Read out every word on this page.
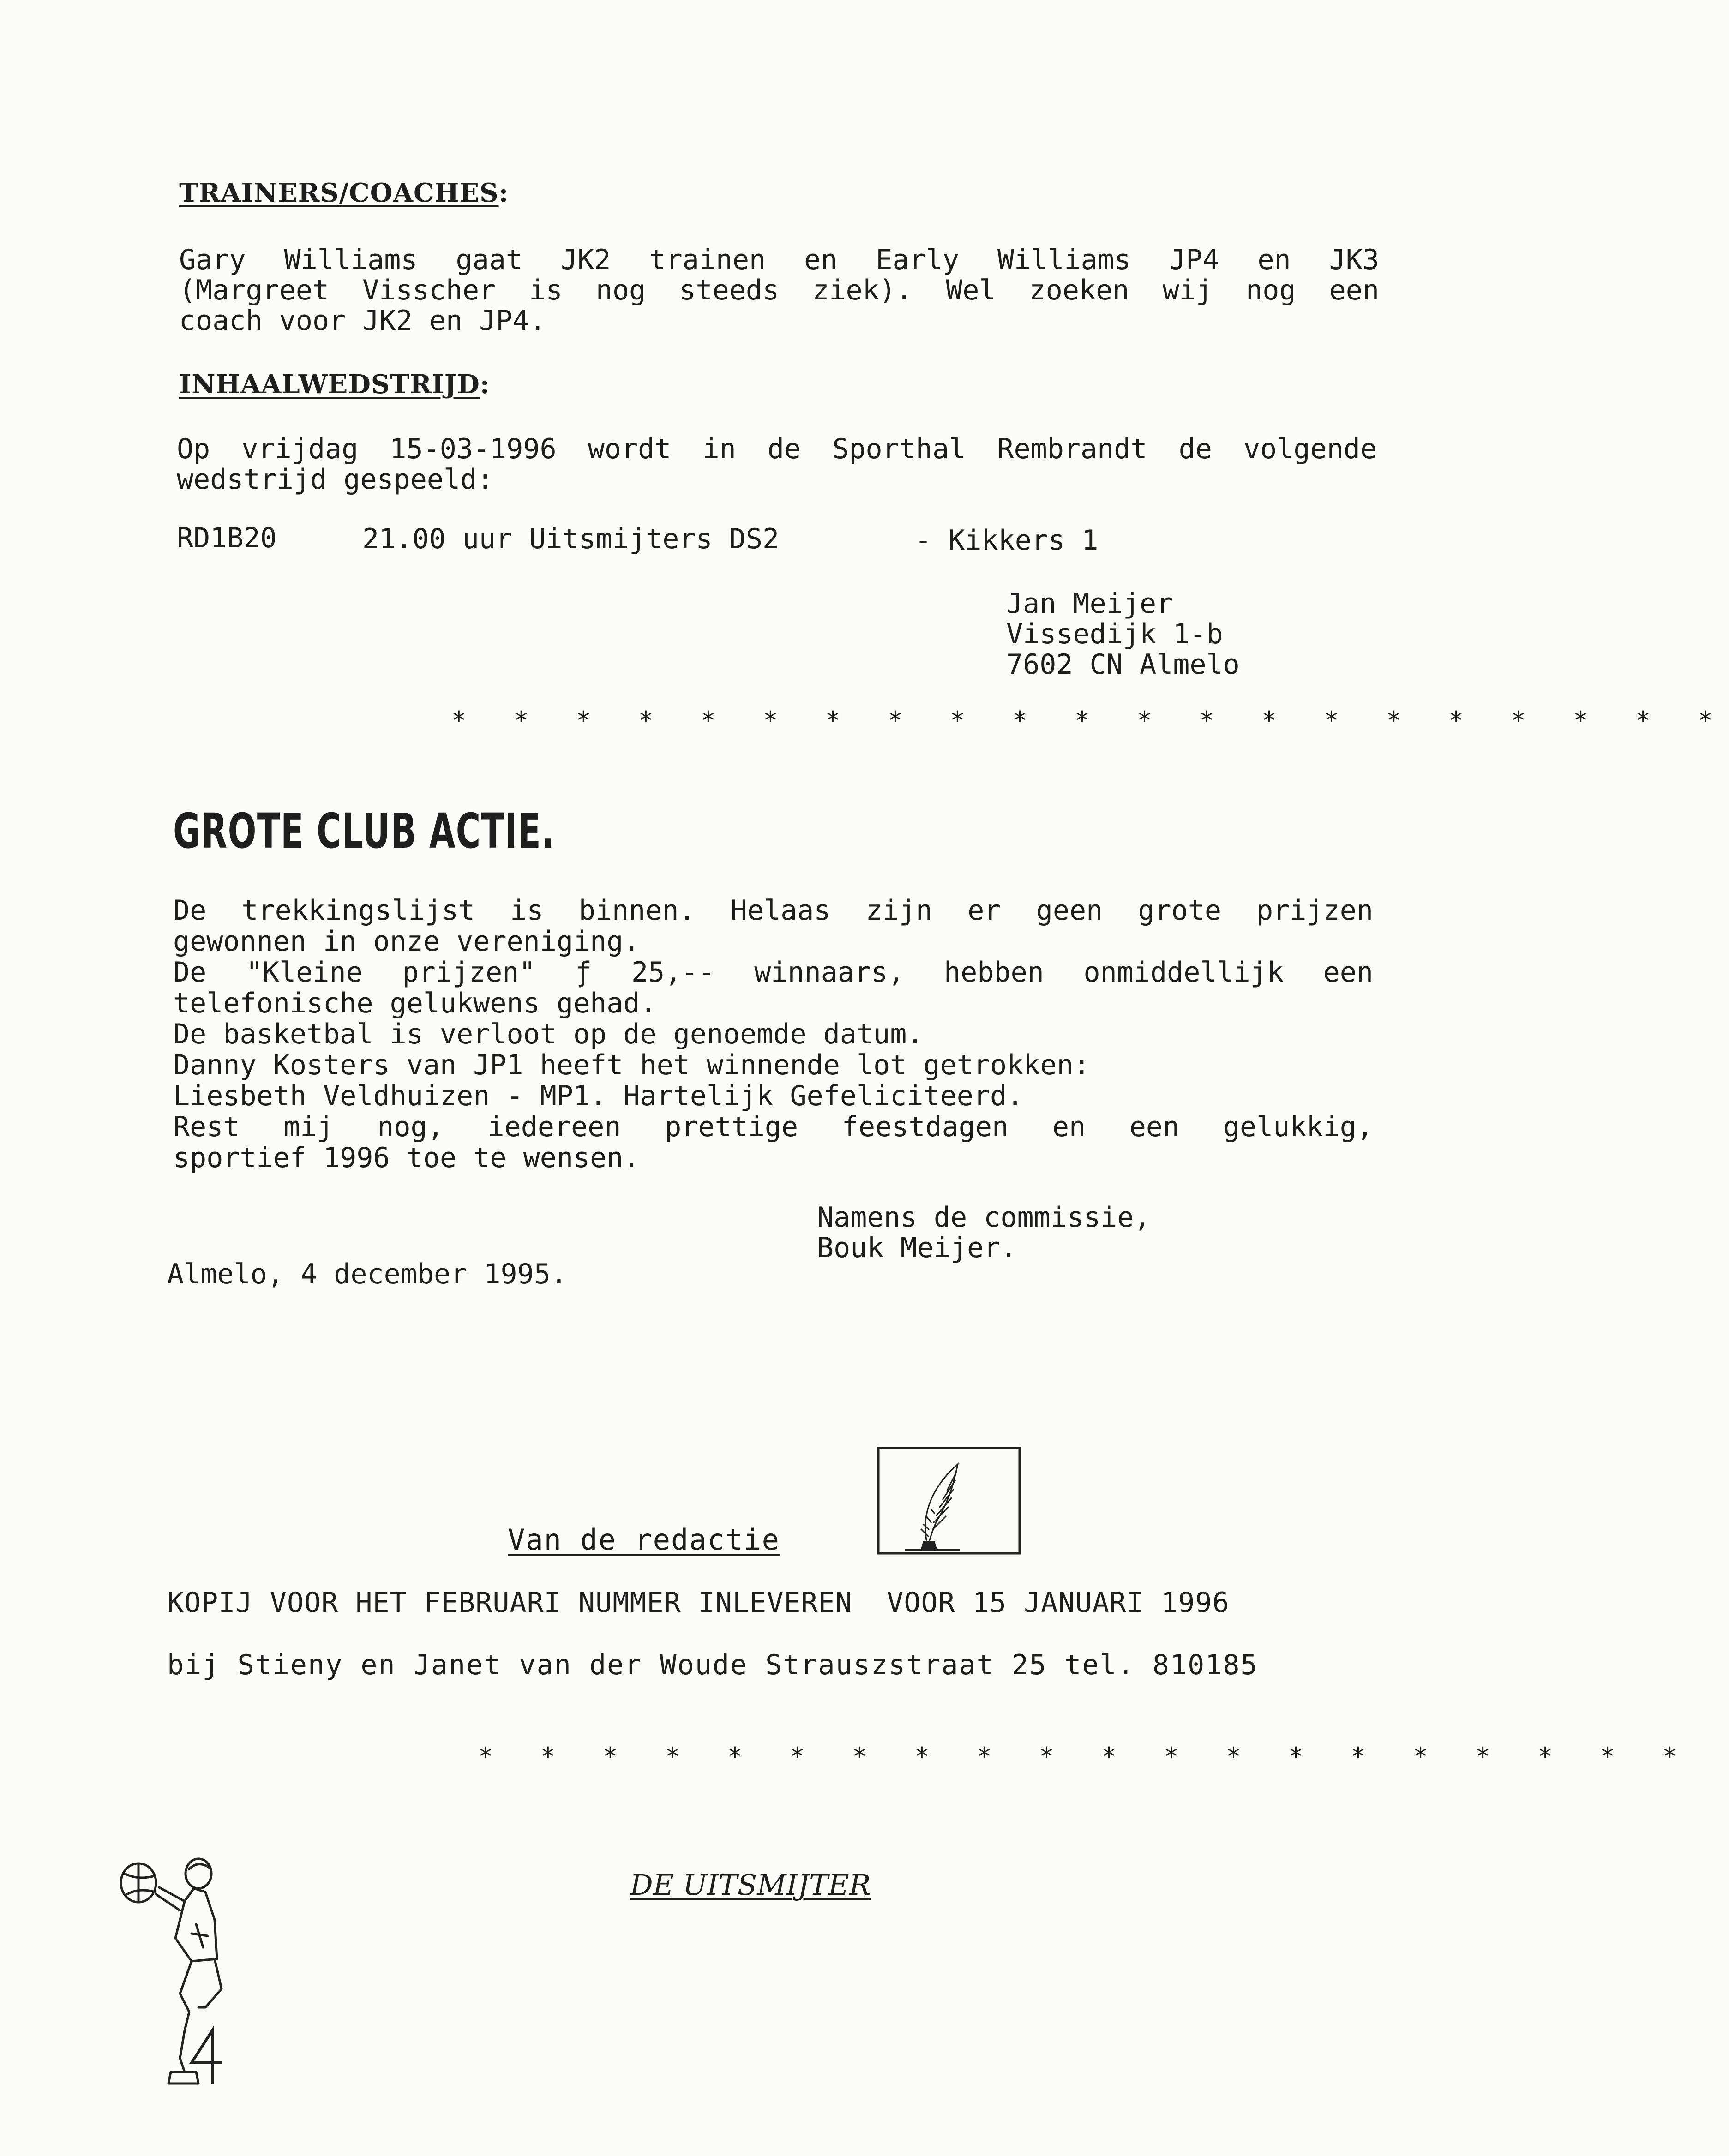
TRAINERS/COACHES:
Gary Williams gaat JK2 trainen en Early Williams JP4 en JK3
(Margreet Visscher is nog steeds ziek). Wel zoeken wij nog een
coach voor JK2 en JP4.
INHAALWEDSTRIJD:
Op vrijdag 15-03-1996 wordt in de Sporthal Rembrandt de volgende
wedstrijd gespeeld:
RD1B20	21.00 uur Uitsmijters DS2	- Kikkers 1
Jan Meijer
Vissedijk 1-b
7602 CN Almelo
* * * * * * * * * * * * * * * * * * * * *
GROTE CLUB ACTIE.
De trekkingslijst is binnen. Helaas zijn er geen grote prijzen
gewonnen in onze vereniging.
De "Kleine prijzen" ƒ 25,-- winnaars, hebben onmiddellijk een
telefonische gelukwens gehad.
De basketbal is verloot op de genoemde datum.
Danny Kosters van JP1 heeft het winnende lot getrokken:
Liesbeth Veldhuizen - MP1. Hartelijk Gefeliciteerd.
Rest mij nog, iedereen prettige feestdagen en een gelukkig,
sportief 1996 toe te wensen.
Namens de commissie,
Bouk Meijer.
Almelo, 4 december 1995.
Van de redactie
KOPIJ VOOR HET FEBRUARI NUMMER INLEVEREN  VOOR 15 JANUARI 1996
bij Stieny en Janet van der Woude Strauszstraat 25 tel. 810185
* * * * * * * * * * * * * * * * * * * *
DE UITSMIJTER
